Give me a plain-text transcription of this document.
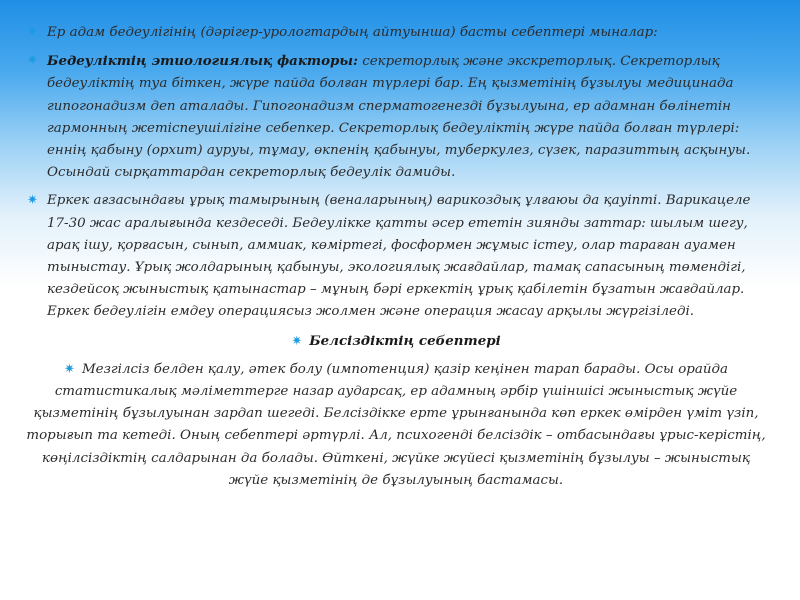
✷ Ер адам бедеулігінің (дәрігер-урологтардың айтуынша) басты себептері мыналар:

✷ Бедеуліктің этиологиялық факторы: секреторлық және экскреторлық. Секреторлық бедеуліктің туа біткен, жүре пайда болған түрлері бар. Ең қызметінің бұзылуы медицинада гипогонадизм деп аталады. Гипогонадизм сперматогенезді бұзылуына, ер адамнан бөлінетін гармонның жетіспеушілігіне себепкер. Секреторлық бедеуліктің жүре пайда болған түрлері: еннің қабыну (орхит) ауруы, тұмау, өкпенің қабынуы, туберкулез, сүзек, паразиттың асқынуы. Осындай сырқаттардан секреторлық бедеулік дамиды.

✷ Еркек ағзасындағы ұрық тамырының (веналарының) варикоздық ұлғаюы да қауіпті. Варикацеле 17-30 жас аралығында кездеседі. Бедеулікке қатты әсер ететін зиянды заттар: шылым шегу, арақ ішу, қорғасын, сынып, аммиак, көміртегі, фосформен жұмыс істеу, олар тараған ауамен тыныстау. Ұрық жолдарының қабынуы, экологиялық жағдайлар, тамақ сапасының төмендігі, кездейсоқ жыныстық қатынастар – мұның бәрі еркектің ұрық қабілетін бұзатын жағдайлар. Еркек бедеулігін емдеу операциясыз жолмен және операция жасау арқылы жүргізіледі.

✷ Белсіздіктің себептері

✷ Мезгілсіз белден қалу, әтек болу (импотенция) қазір кеңінен тарап барады. Осы орайда статистикалық мәліметтерге назар аударсақ, ер адамның әрбір үшіншісі жыныстық жүйе қызметінің бұзылуынан зардап шегеді. Белсіздікке ерте ұрынғанында көп еркек өмірден үміт үзіп, торығып та кетеді. Оның себептері әртүрлі. Ал, психогенді белсіздік – отбасындағы ұрыс-керістің, көңілсіздіктің салдарынан да болады. Өйткені, жүйке жүйесі қызметінің бұзылуы – жыныстық жүйе қызметінің де бұзылуының бастамасы.
